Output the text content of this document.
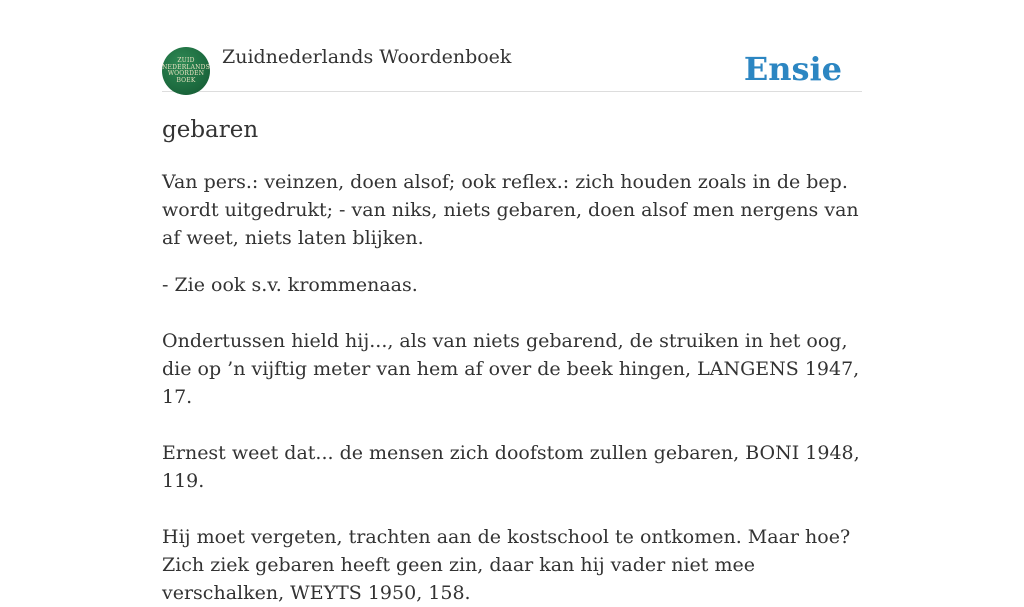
ZUID
NEDERLANDS
WOORDEN
BOEK
Zuidnederlands Woordenboek	Ensie
gebaren

Van pers.: veinzen, doen alsof; ook reflex.: zich houden zoals in de bep. wordt uitgedrukt; - van niks, niets gebaren, doen alsof men nergens van af weet, niets laten blijken.

- Zie ook s.v. krommenaas.

Ondertussen hield hij..., als van niets gebarend, de struiken in het oog, die op ’n vijftig meter van hem af over de beek hingen, LANGENS 1947, 17.

Ernest weet dat... de mensen zich doofstom zullen gebaren, BONI 1948, 119.

Hij moet vergeten, trachten aan de kostschool te ontkomen. Maar hoe? Zich ziek gebaren heeft geen zin, daar kan hij vader niet mee verschalken, WEYTS 1950, 158.
